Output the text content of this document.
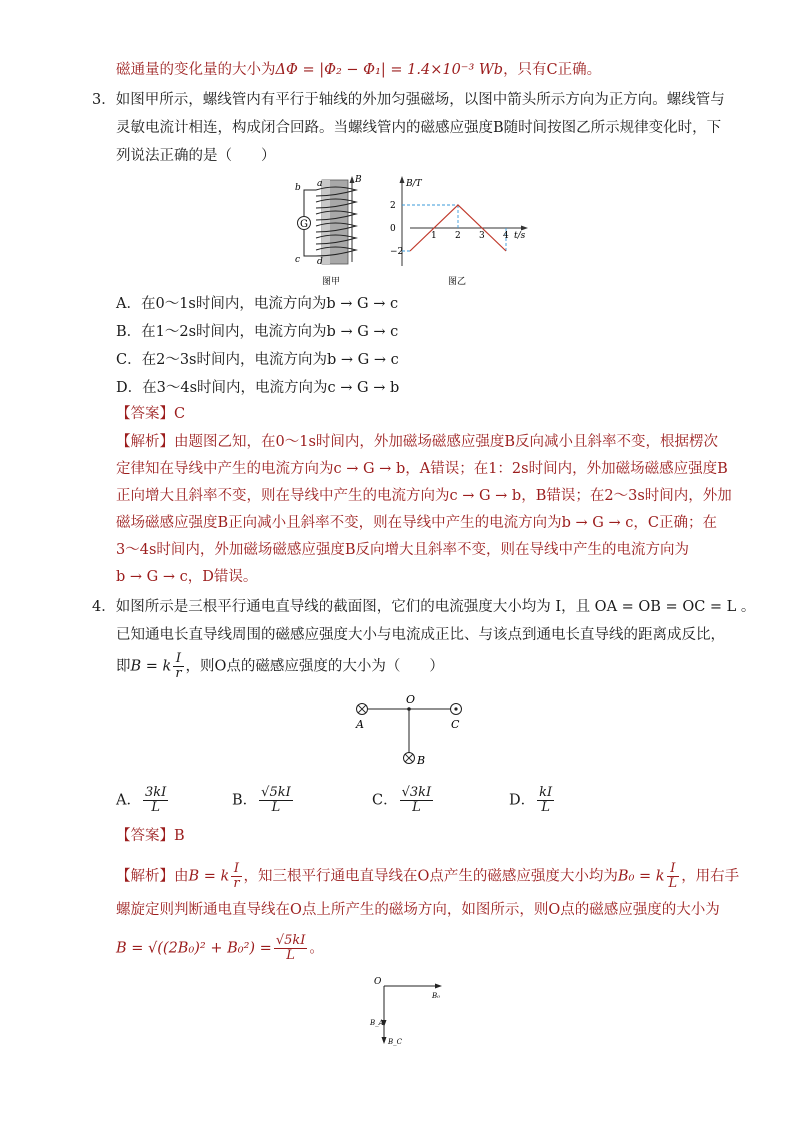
磁通量的变化量的大小为ΔΦ = |Φ₂ − Φ₁| = 1.4×10⁻³ Wb，只有C正确。
3．如图甲所示，螺线管内有平行于轴线的外加匀强磁场，以图中箭头所示方向为正方向。螺线管与
灵敏电流计相连，构成闭合回路。当螺线管内的磁感应强度B随时间按图乙所示规律变化时，下
列说法正确的是（　　）
G
b a	B
c d
图甲
B/T
t/s
2
0
−2
1 2 3 4
图乙
A．在0～1s时间内，电流方向为b → G → c
B．在1～2s时间内，电流方向为b → G → c
C．在2～3s时间内，电流方向为b → G → c
D．在3～4s时间内，电流方向为c → G → b
【答案】C
【解析】由题图乙知，在0～1s时间内，外加磁场磁感应强度B反向减小且斜率不变，根据楞次
定律知在导线中产生的电流方向为c → G → b，A错误；在1：2s时间内，外加磁场磁感应强度B
正向增大且斜率不变，则在导线中产生的电流方向为c → G → b，B错误；在2～3s时间内，外加
磁场磁感应强度B正向减小且斜率不变，则在导线中产生的电流方向为b → G → c，C正确；在
3～4s时间内，外加磁场磁感应强度B反向增大且斜率不变，则在导线中产生的电流方向为
b → G → c，D错误。
4．如图所示是三根平行通电直导线的截面图，它们的电流强度大小均为 I，且 OA = OB = OC = L 。
已知通电长直导线周围的磁感应强度大小与电流成正比、与该点到通电长直导线的距离成反比，
即B = k $\frac{I}{r}$ ，则O点的磁感应强度的大小为（　　）
O
A	C
B
A． $\frac{3kI}{L}$	B． $\frac{√5kI}{L}$	C． $\frac{√3kI}{L}$	D． $\frac{kI}{L}$
【答案】B
【解析】由B = k $\frac{I}{r}$ ，知三根平行通电直导线在O点产生的磁感应强度大小均为B₀ = k $\frac{I}{L}$ ，用右手
螺旋定则判断通电直导线在O点上所产生的磁场方向，如图所示，则O点的磁感应强度的大小为
$B = √((2B_0)^2 + B_0^2) = \frac{√5kI}{L}$ 。
O
B₀
B_A
B_C
